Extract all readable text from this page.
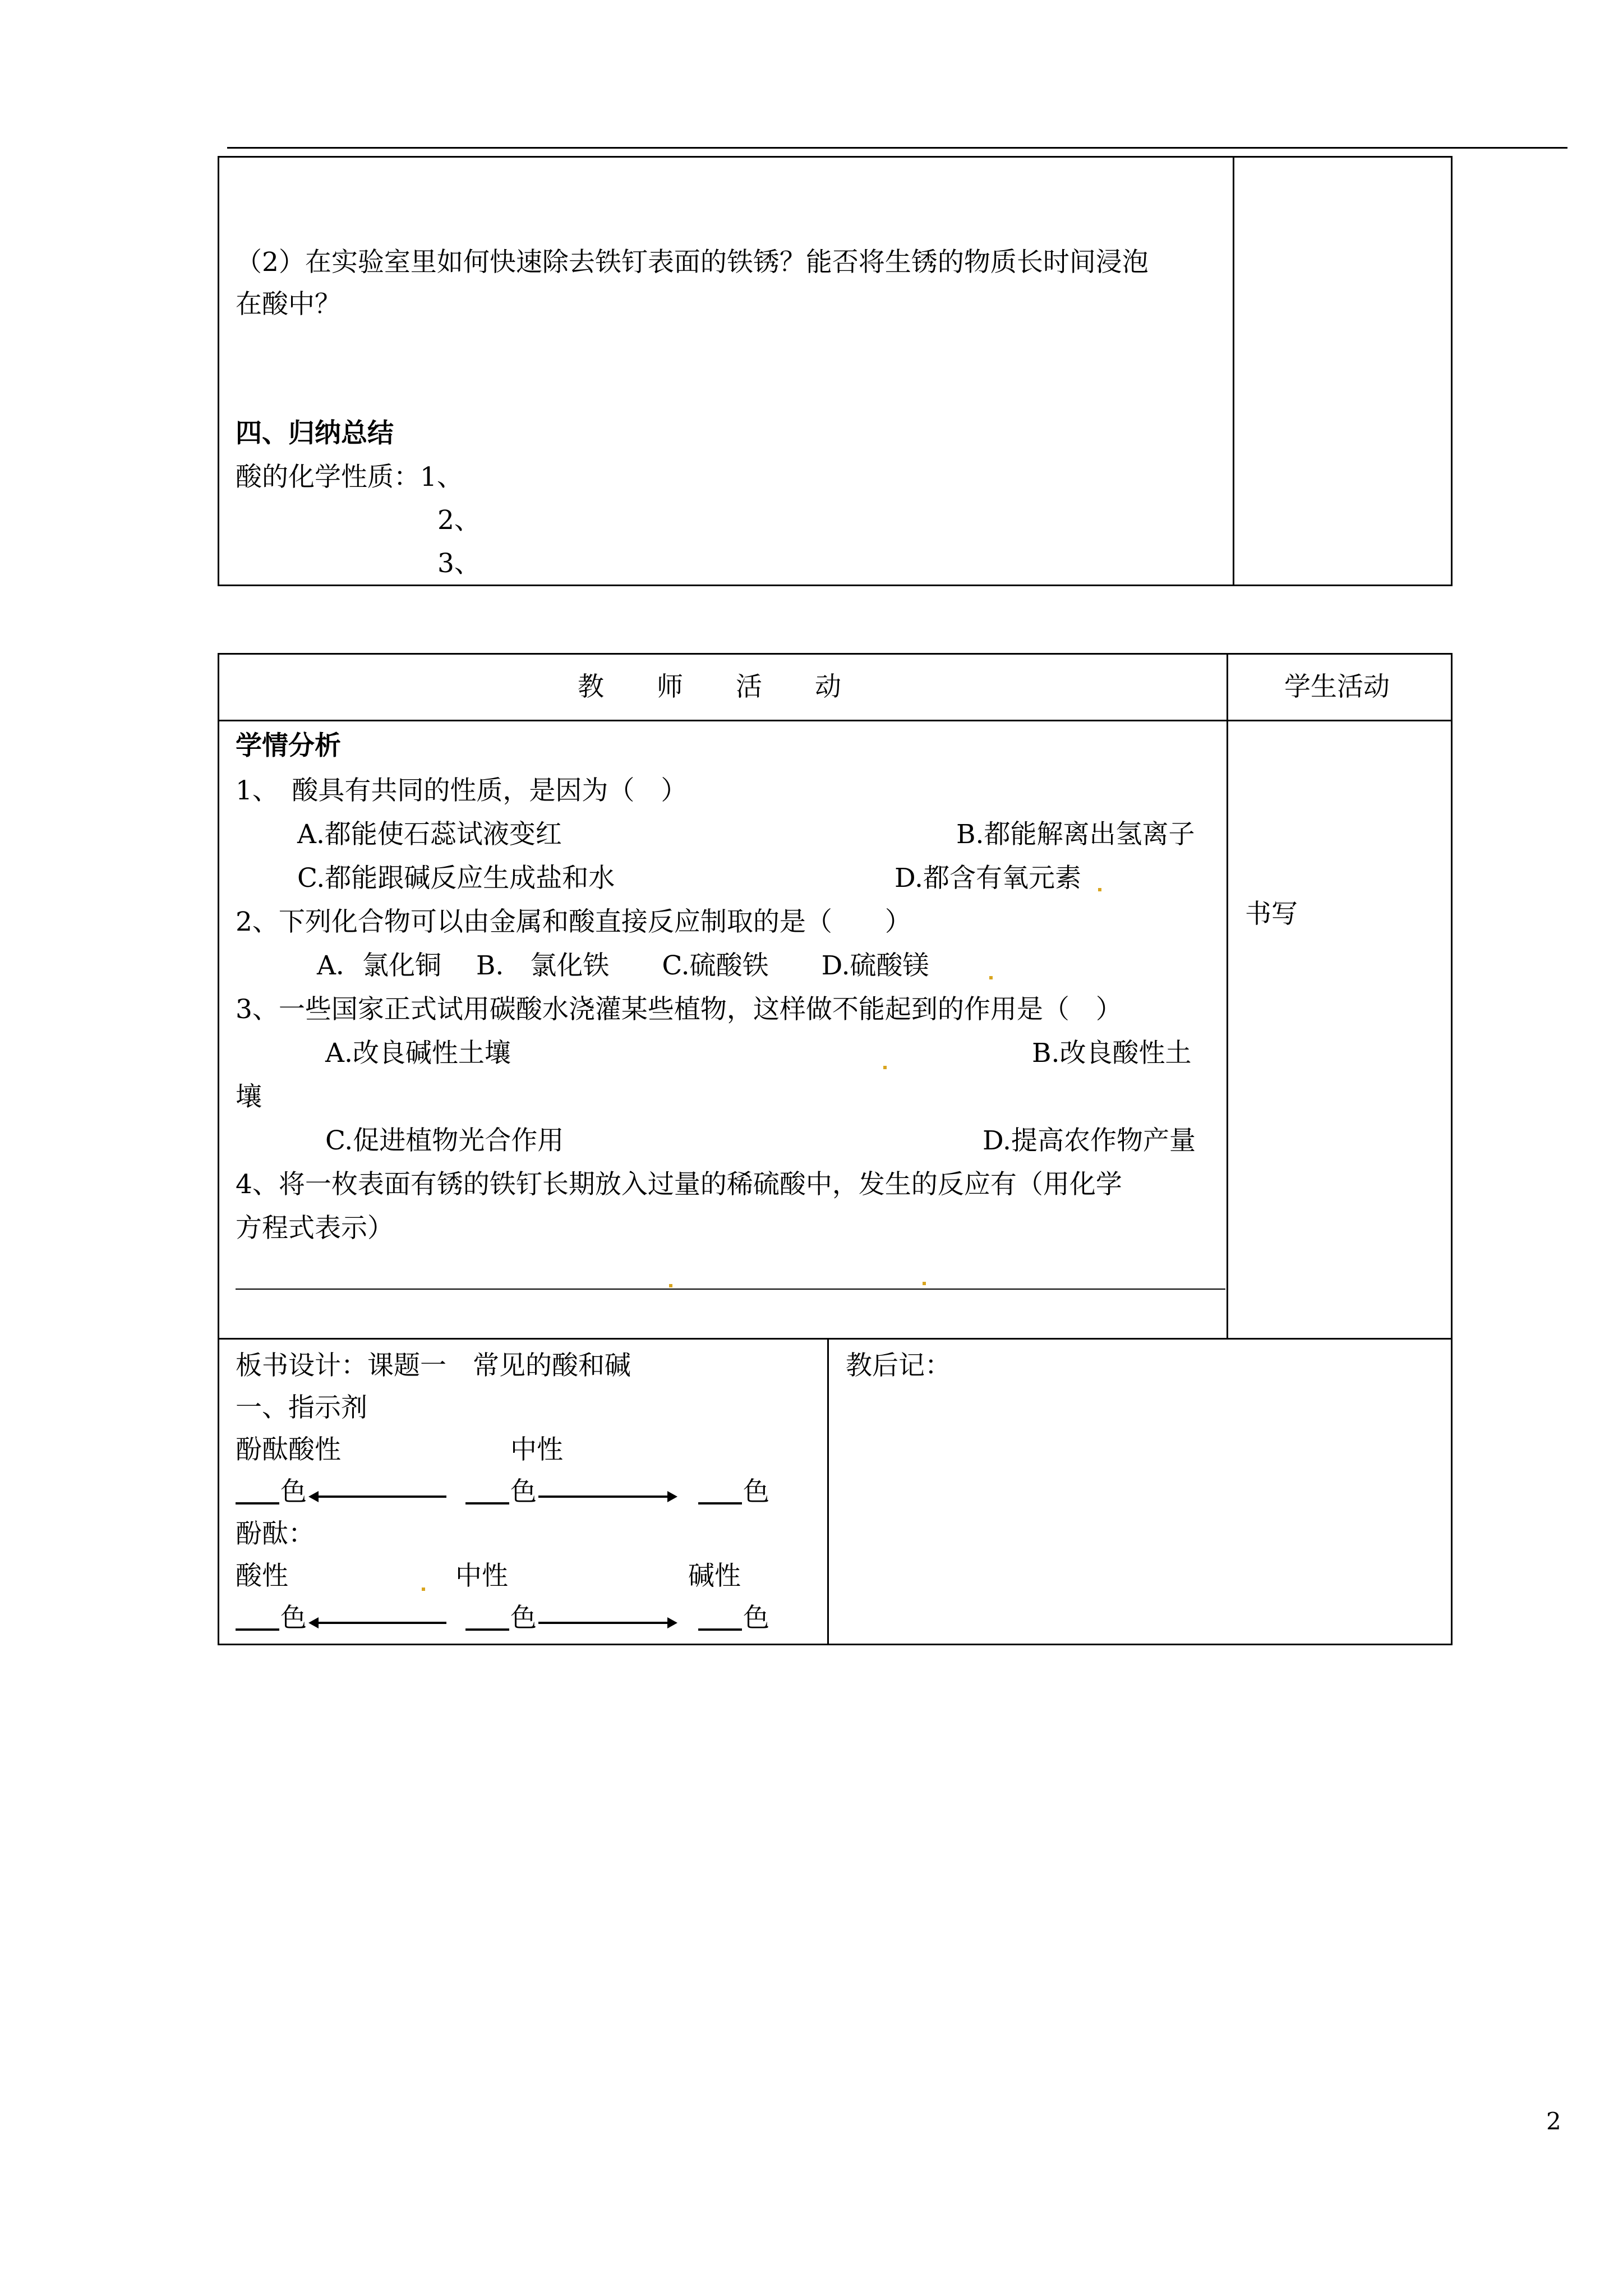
（2）在实验室里如何快速除去铁钉表面的铁锈？能否将生锈的物质长时间浸泡
在酸中？
四、归纳总结
酸的化学性质：1、
2、
3、
教　　师　　活　　动	学生活动
学情分析
1、　酸具有共同的性质，是因为（　）
A.都能使石蕊试液变红	B.都能解离出氢离子
C.都能跟碱反应生成盐和水	D.都含有氧元素
2、下列化合物可以由金属和酸直接反应制取的是（　　）
A．氯化铜　 B.　氯化铁　　C.硫酸铁　　D.硫酸镁
3、一些国家正式试用碳酸水浇灌某些植物，这样做不能起到的作用是（　）
A.改良碱性土壤	B.改良酸性土
壤
C.促进植物光合作用	D.提高农作物产量
4、将一枚表面有锈的铁钉长期放入过量的稀硫酸中，发生的反应有（用化学
方程式表示）
书写
板书设计：课题一　常见的酸和碱
一、指示剂
酚酞酸性	中性
色	色	色
酚酞：
酸性	中性	碱性
色	色	色
教后记：
2
